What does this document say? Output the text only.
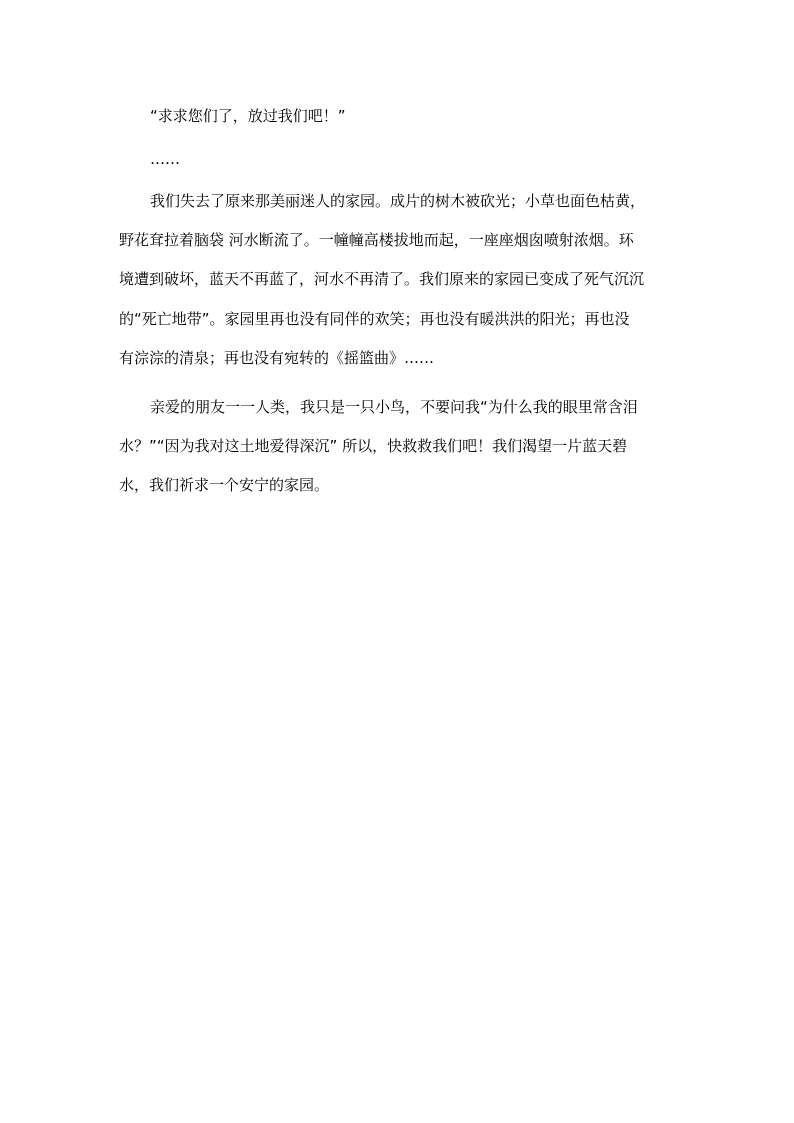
“求求您们了，放过我们吧！”
……
我们失去了原来那美丽迷人的家园。成片的树木被砍光；小草也面色枯黄，
野花耷拉着脑袋 河水断流了。一幢幢高楼拔地而起，一座座烟囱喷射浓烟。环
境遭到破坏，蓝天不再蓝了，河水不再清了。我们原来的家园已变成了死气沉沉
的“死亡地带”。家园里再也没有同伴的欢笑；再也没有暖洪洪的阳光；再也没
有淙淙的清泉；再也没有宛转的《摇篮曲》……
亲爱的朋友一一人类，我只是一只小鸟，不要问我“为什么我的眼里常含泪
水？”“因为我对这土地爱得深沉” 所以，快救救我们吧！我们渴望一片蓝天碧
水，我们祈求一个安宁的家园。
